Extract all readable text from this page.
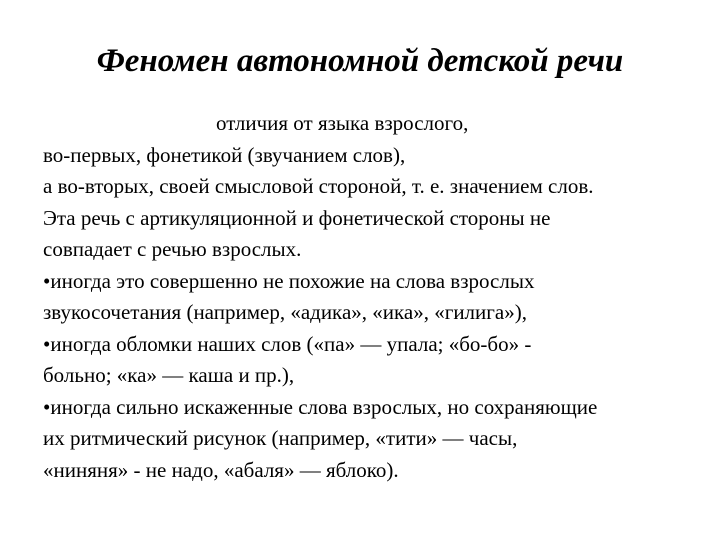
Феномен автономной детской речи
отличия от языка взрослого,
во-первых, фонетикой (звучанием слов),
а во-вторых, своей смысловой стороной, т. е. значением слов.
Эта речь с артикуляционной и фонетической стороны не
совпадает с речью взрослых.
•иногда это совершенно не похожие на слова взрослых
звукосочетания (например, «адика», «ика», «гилига»),
•иногда обломки наших слов («па» — упала; «бо-бо» -
больно; «ка» — каша и пр.),
•иногда сильно искаженные слова взрослых, но сохраняющие
их ритмический рисунок (например, «тити» — часы,
«ниняня» - не надо, «абаля» — яблоко).
